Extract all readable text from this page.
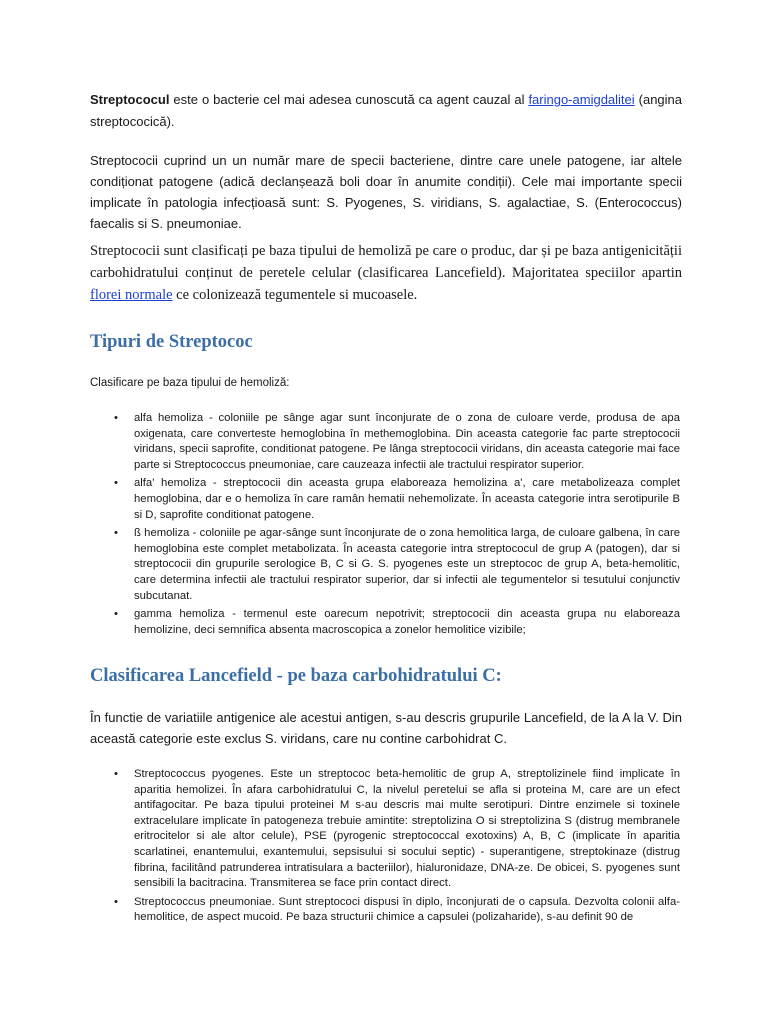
Streptococul este o bacterie cel mai adesea cunoscută ca agent cauzal al faringo-amigdalitei (angina streptococică).

Streptococii cuprind un un număr mare de specii bacteriene, dintre care unele patogene, iar altele condiționat patogene (adică declanșează boli doar în anumite condiții). Cele mai importante specii implicate în patologia infecțioasă sunt: S. Pyogenes, S. viridians, S. agalactiae, S. (Enterococcus) faecalis si S. pneumoniae.

Streptococii sunt clasificați pe baza tipului de hemoliză pe care o produc, dar și pe baza antigenicității carbohidratului conținut de peretele celular (clasificarea Lancefield). Majoritatea speciilor apartin florei normale ce colonizează tegumentele si mucoasele.

Tipuri de Streptococ

Clasificare pe baza tipului de hemoliză:

• alfa hemoliza - coloniile pe sânge agar sunt înconjurate de o zona de culoare verde, produsa de apa oxigenata, care converteste hemoglobina în methemoglobina. Din aceasta categorie fac parte streptococii viridans, specii saprofite, conditionat patogene. Pe lânga streptococii viridans, din aceasta categorie mai face parte si Streptococcus pneumoniae, care cauzeaza infectii ale tractului respirator superior.
• alfa' hemoliza - streptococii din aceasta grupa elaboreaza hemolizina a', care metabolizeaza complet hemoglobina, dar e o hemoliza în care ramân hematii nehemolizate. În aceasta categorie intra serotipurile B si D, saprofite conditionat patogene.
• ß hemoliza - coloniile pe agar-sânge sunt înconjurate de o zona hemolitica larga, de culoare galbena, în care hemoglobina este complet metabolizata. În aceasta categorie intra streptococul de grup A (patogen), dar si streptococii din grupurile serologice B, C si G. S. pyogenes este un streptococ de grup A, beta-hemolitic, care determina infectii ale tractului respirator superior, dar si infectii ale tegumentelor si tesutului conjunctiv subcutanat.
• gamma hemoliza - termenul este oarecum nepotrivit; streptococii din aceasta grupa nu elaboreaza hemolizine, deci semnifica absenta macroscopica a zonelor hemolitice vizibile;
Clasificarea Lancefield - pe baza carbohidratului C:

În functie de variatiile antigenice ale acestui antigen, s-au descris grupurile Lancefield, de la A la V. Din această categorie este exclus S. viridans, care nu contine carbohidrat C.

• Streptococcus pyogenes. Este un streptococ beta-hemolitic de grup A, streptolizinele fiind implicate în aparitia hemolizei. În afara carbohidratului C, la nivelul peretelui se afla si proteina M, care are un efect antifagocitar. Pe baza tipului proteinei M s-au descris mai multe serotipuri. Dintre enzimele si toxinele extracelulare implicate în patogeneza trebuie amintite: streptolizina O si streptolizina S (distrug membranele eritrocitelor si ale altor celule), PSE (pyrogenic streptococcal exotoxins) A, B, C (implicate în aparitia scarlatinei, enantemului, exantemului, sepsisului si socului septic) - superantigene, streptokinaze (distrug fibrina, facilitând patrunderea intratisulara a bacteriilor), hialuronidaze, DNA-ze. De obicei, S. pyogenes sunt sensibili la bacitracina. Transmiterea se face prin contact direct.
• Streptococcus pneumoniae. Sunt streptococi dispusi în diplo, înconjurati de o capsula. Dezvolta colonii alfa-hemolitice, de aspect mucoid. Pe baza structurii chimice a capsulei (polizaharide), s-au definit 90 de
